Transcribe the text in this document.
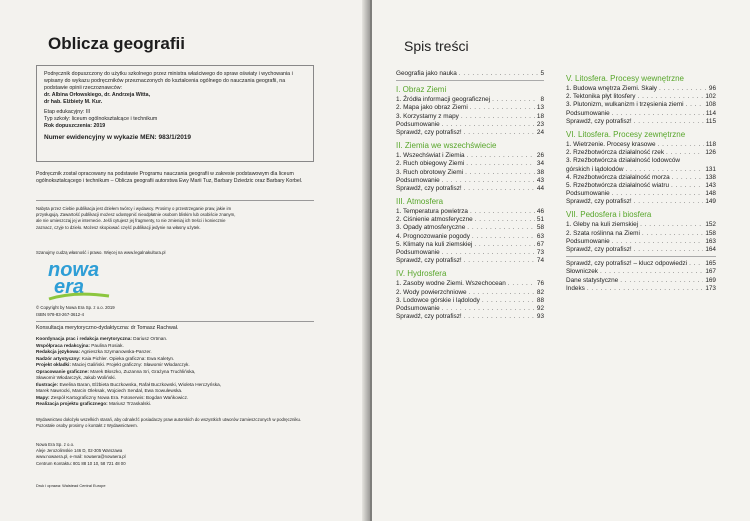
Oblicza geografii

Podręcznik dopuszczony do użytku szkolnego przez ministra właściwego do spraw oświaty i wychowania i wpisany do wykazu podręczników przeznaczonych do kształcenia ogólnego do nauczania geografii, na podstawie opinii rzeczoznawców:

dr. Albina Orłowskiego, dr. Andrzeja Witta,

dr hab. Elżbiety M. Kur.

Etap edukacyjny: III

Typ szkoły: liceum ogólnokształcące i technikum

Rok dopuszczenia: 2019

Numer ewidencyjny w wykazie MEN: 983/1/2019

Podręcznik został opracowany na podstawie Programu nauczania geografii w zakresie podstawowym dla liceum ogólnokształcącego i technikum – Oblicza geografii autorstwa Ewy Marii Tuz, Barbary Dziedzic oraz Barbary Korbel.

Nabyta przez Ciebie publikacja jest dziełem twórcy i wydawcy. Prosimy o przestrzeganie praw, jakie im przysługują. Zawartość publikacji możesz udostępnić nieodpłatnie osobom bliskim lub osobiście znanym, ale nie umieszczaj jej w internecie. Jeśli cytujesz jej fragmenty, to nie zmieniaj ich treści i koniecznie zaznacz, czyje to dzieło. Możesz skopiować część publikacji jedynie na własny użytek.

Szanujmy cudzą własność i prawo. Więcej na www.legalnakultura.pl

nowa
era

© Copyright by Nowa Era Sp. z o.o. 2019

ISBN 978-83-267-3612-4

Konsultacja merytoryczno-dydaktyczna: dr Tomasz Rachwał.

Koordynacja prac i redakcja merytoryczna: Dariusz Ortman.

Współpraca redakcyjna: Paulina Rosiak.

Redakcja językowa: Agnieszka Szymanowska-Panzer.

Nadzór artystyczny: Kaia Pichler. Opieka graficzna: Ewa Kaletyn.

Projekt okładki: Maciej Galiński. Projekt graficzny: Sławomir Włodarczyk.

Opracowanie graficzne: Marek Błoszko, Zuzanna Sri, Grażyna Truchlińska,

Sławomir Włodarczyk, Jakub Woliński.

Ilustracje: Ewelina Baran, Elżbieta Buczkowska, Rafał Buczkowski, Wioleta Herczyńska,

Marek Nawrocki, Marcin Oleksak, Wojciech Sendal, Ewa Sowulewska.

Mapy: Zespół Kartograficzny Nowa Era. Fotoserwis: Bogdan Wańkowicz.

Realizacja projektu graficznego: Mariusz Trzaskalski.

Wydawnictwo dołożyło wszelkich starań, aby odnaleźć posiadaczy praw autorskich do wszystkich utworów zamieszczonych w podręczniku. Pozostałe osoby prosimy o kontakt z Wydawnictwem.

Nowa Era Sp. z o.o.
Aleje Jerozolimskie 146 D, 02-305 Warszawa
www.nowaera.pl, e-mail: nowaera@nowaera.pl
Centrum Kontaktu: 801 88 10 10, 58 721 48 00

Druk i oprawa: Walstead Central Europe

Spis treści
Geografia jako nauka . . .	5
I. Obraz Ziemi
1. Źródła informacji geograficznej . . .	8
2. Mapa jako obraz Ziemi . . .	13
3. Korzystamy z mapy . . .	18
Podsumowanie . . .	23
Sprawdź, czy potrafisz! . . .	24
II. Ziemia we wszechświecie
1. Wszechświat i Ziemia . . .	26
2. Ruch obiegowy Ziemi . . .	34
3. Ruch obrotowy Ziemi . . .	38
Podsumowanie . . .	43
Sprawdź, czy potrafisz! . . .	44
III. Atmosfera
1. Temperatura powietrza . . .	46
2. Ciśnienie atmosferyczne . . .	51
3. Opady atmosferyczne . . .	58
4. Prognozowanie pogody . . .	63
5. Klimaty na kuli ziemskiej . . .	67
Podsumowanie . . .	73
Sprawdź, czy potrafisz! . . .	74
IV. Hydrosfera
1. Zasoby wodne Ziemi. Wszechocean . . .	76
2. Wody powierzchniowe . . .	82
3. Lodowce górskie i lądolody . . .	88
Podsumowanie . . .	92
Sprawdź, czy potrafisz! . . .	93
V. Litosfera. Procesy wewnętrzne
1. Budowa wnętrza Ziemi. Skały . . .	96
2. Tektonika płyt litosfery . . .	102
3. Plutonizm, wulkanizm i trzęsienia ziemi . . .	108
Podsumowanie . . .	114
Sprawdź, czy potrafisz! . . .	115
VI. Litosfera. Procesy zewnętrzne
1. Wietrzenie. Procesy krasowe . . .	118
2. Rzeźbotwórcza działalność rzek . . .	126
3. Rzeźbotwórcza działalność lodowców
górskich i lądolodów . . .	131
4. Rzeźbotwórcza działalność morza . . .	138
5. Rzeźbotwórcza działalność wiatru . . .	143
Podsumowanie . . .	148
Sprawdź, czy potrafisz! . . .	149
VII. Pedosfera i biosfera
1. Gleby na kuli ziemskiej . . .	152
2. Szata roślinna na Ziemi . . .	158
Podsumowanie . . .	163
Sprawdź, czy potrafisz! . . .	164
Sprawdź, czy potrafisz! – klucz odpowiedzi . . .	165
Słowniczek . . .	167
Dane statystyczne . . .	169
Indeks . . .	173
